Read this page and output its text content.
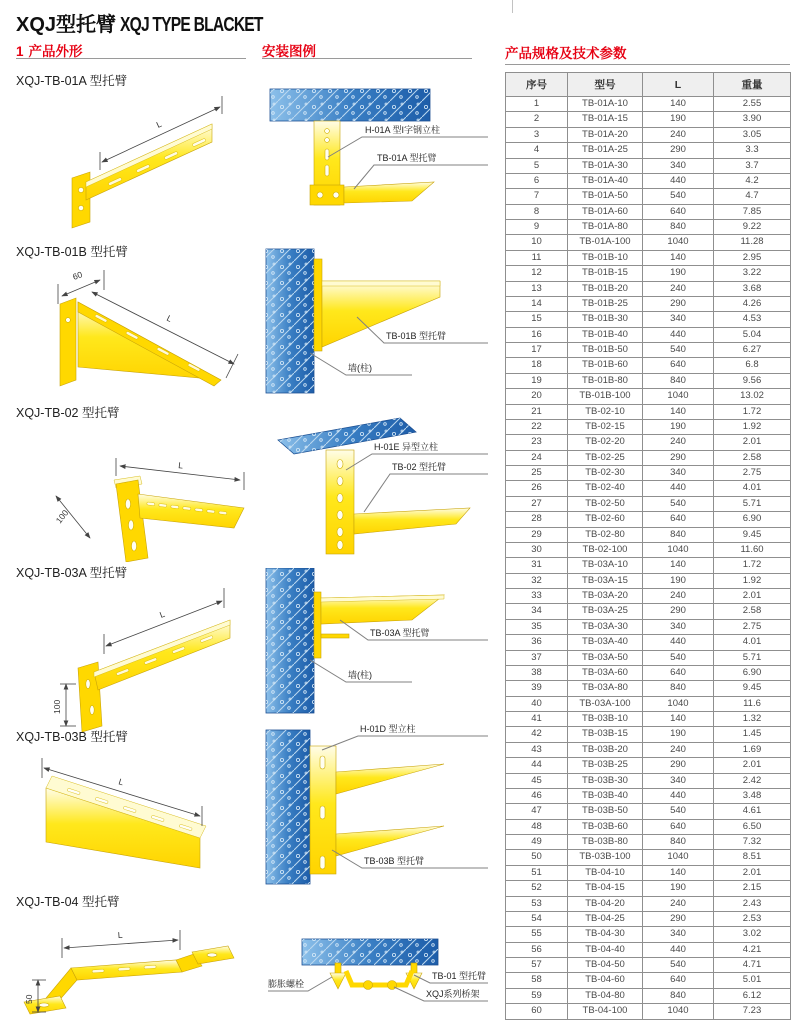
XQJ型托臂 XQJ TYPE BLACKET
1 产品外形	安装图例	产品规格及技术参数
XQJ-TB-01A 型托臂
L
XQJ-TB-01B 型托臂
60
L
XQJ-TB-02 型托臂
100
L
XQJ-TB-03A 型托臂
L
100
XQJ-TB-03B 型托臂
L
XQJ-TB-04 型托臂
L
50
H-01A 型I字钢立柱
TB-01A 型托臂
TB-01B 型托臂
墙(柱)
H-01E 异型立柱
TB-02 型托臂
TB-03A 型托臂
墙(柱)
H-01D 型立柱
TB-03B 型托臂
膨胀螺栓
TB-01 型托臂
XQJ系列桥架
序号	型号	L	重量
1	TB-01A-10	140	2.55
2	TB-01A-15	190	3.90
3	TB-01A-20	240	3.05
4	TB-01A-25	290	3.3
5	TB-01A-30	340	3.7
6	TB-01A-40	440	4.2
7	TB-01A-50	540	4.7
8	TB-01A-60	640	7.85
9	TB-01A-80	840	9.22
10	TB-01A-100	1040	11.28
11	TB-01B-10	140	2.95
12	TB-01B-15	190	3.22
13	TB-01B-20	240	3.68
14	TB-01B-25	290	4.26
15	TB-01B-30	340	4.53
16	TB-01B-40	440	5.04
17	TB-01B-50	540	6.27
18	TB-01B-60	640	6.8
19	TB-01B-80	840	9.56
20	TB-01B-100	1040	13.02
21	TB-02-10	140	1.72
22	TB-02-15	190	1.92
23	TB-02-20	240	2.01
24	TB-02-25	290	2.58
25	TB-02-30	340	2.75
26	TB-02-40	440	4.01
27	TB-02-50	540	5.71
28	TB-02-60	640	6.90
29	TB-02-80	840	9.45
30	TB-02-100	1040	11.60
31	TB-03A-10	140	1.72
32	TB-03A-15	190	1.92
33	TB-03A-20	240	2.01
34	TB-03A-25	290	2.58
35	TB-03A-30	340	2.75
36	TB-03A-40	440	4.01
37	TB-03A-50	540	5.71
38	TB-03A-60	640	6.90
39	TB-03A-80	840	9.45
40	TB-03A-100	1040	11.6
41	TB-03B-10	140	1.32
42	TB-03B-15	190	1.45
43	TB-03B-20	240	1.69
44	TB-03B-25	290	2.01
45	TB-03B-30	340	2.42
46	TB-03B-40	440	3.48
47	TB-03B-50	540	4.61
48	TB-03B-60	640	6.50
49	TB-03B-80	840	7.32
50	TB-03B-100	1040	8.51
51	TB-04-10	140	2.01
52	TB-04-15	190	2.15
53	TB-04-20	240	2.43
54	TB-04-25	290	2.53
55	TB-04-30	340	3.02
56	TB-04-40	440	4.21
57	TB-04-50	540	4.71
58	TB-04-60	640	5.01
59	TB-04-80	840	6.12
60	TB-04-100	1040	7.23
